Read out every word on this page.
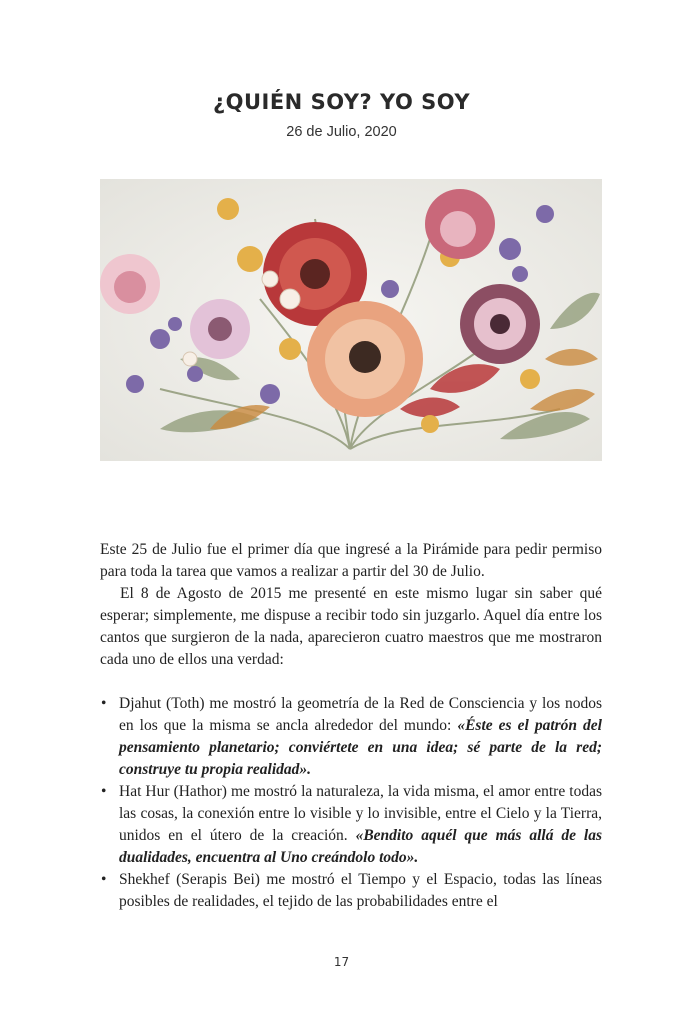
¿QUIÉN SOY? YO SOY
26 de Julio, 2020

Este 25 de Julio fue el primer día que ingresé a la Pirámide para pedir permiso para toda la tarea que vamos a realizar a partir del 30 de Julio.

El 8 de Agosto de 2015 me presenté en este mismo lugar sin saber qué esperar; simplemente, me dispuse a recibir todo sin juzgarlo. Aquel día entre los cantos que surgieron de la nada, aparecieron cuatro maestros que me mostraron cada uno de ellos una verdad:

• Djahut (Toth) me mostró la geometría de la Red de Consciencia y los nodos en los que la misma se ancla alrededor del mundo: «Éste es el patrón del pensamiento planetario; conviértete en una idea; sé parte de la red; construye tu propia realidad».
• Hat Hur (Hathor) me mostró la naturaleza, la vida misma, el amor entre todas las cosas, la conexión entre lo visible y lo invisible, entre el Cielo y la Tierra, unidos en el útero de la creación. «Bendito aquél que más allá de las dualidades, encuentra al Uno creándolo todo».
• Shekhef (Serapis Bei) me mostró el Tiempo y el Espacio, todas las líneas posibles de realidades, el tejido de las probabilidades entre el
17
